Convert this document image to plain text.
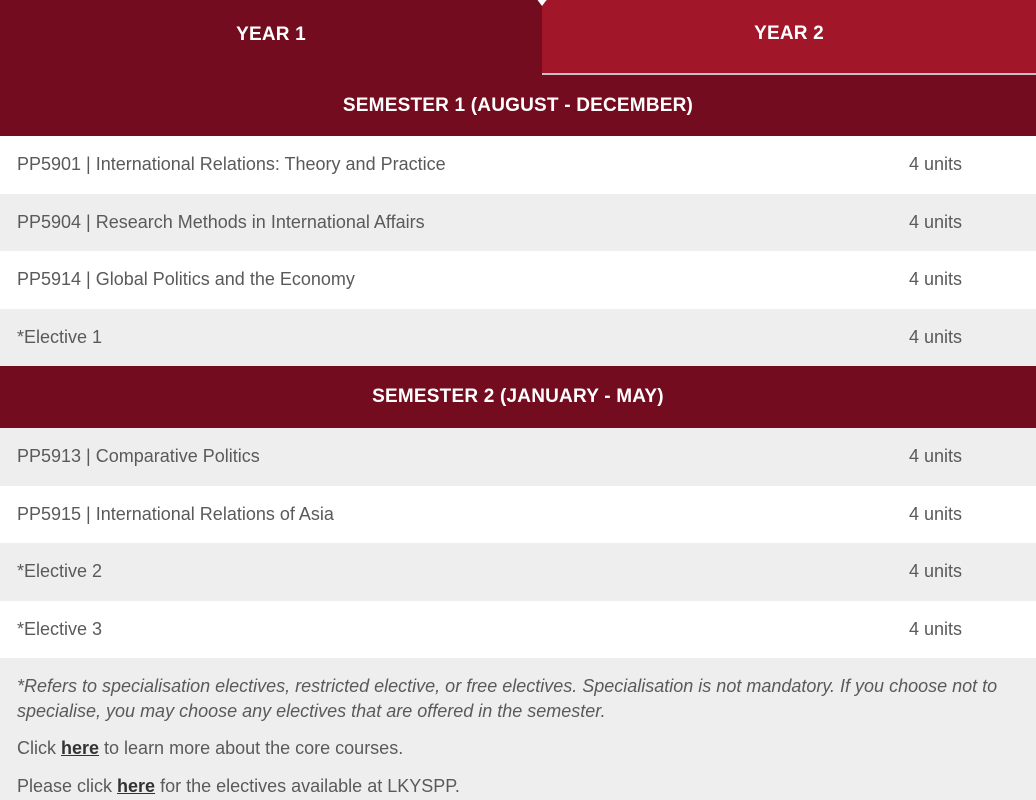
YEAR 1	YEAR 2
SEMESTER 1 (AUGUST - DECEMBER)
PP5901 | International Relations: Theory and Practice	4 units
PP5904 | Research Methods in International Affairs	4 units
PP5914 | Global Politics and the Economy	4 units
*Elective 1	4 units
SEMESTER 2 (JANUARY - MAY)
PP5913 | Comparative Politics	4 units
PP5915 | International Relations of Asia	4 units
*Elective 2	4 units
*Elective 3	4 units

*Refers to specialisation electives, restricted elective, or free electives. Specialisation is not mandatory. If you choose not to specialise, you may choose any electives that are offered in the semester.

Click here to learn more about the core courses.

Please click here for the electives available at LKYSPP.
